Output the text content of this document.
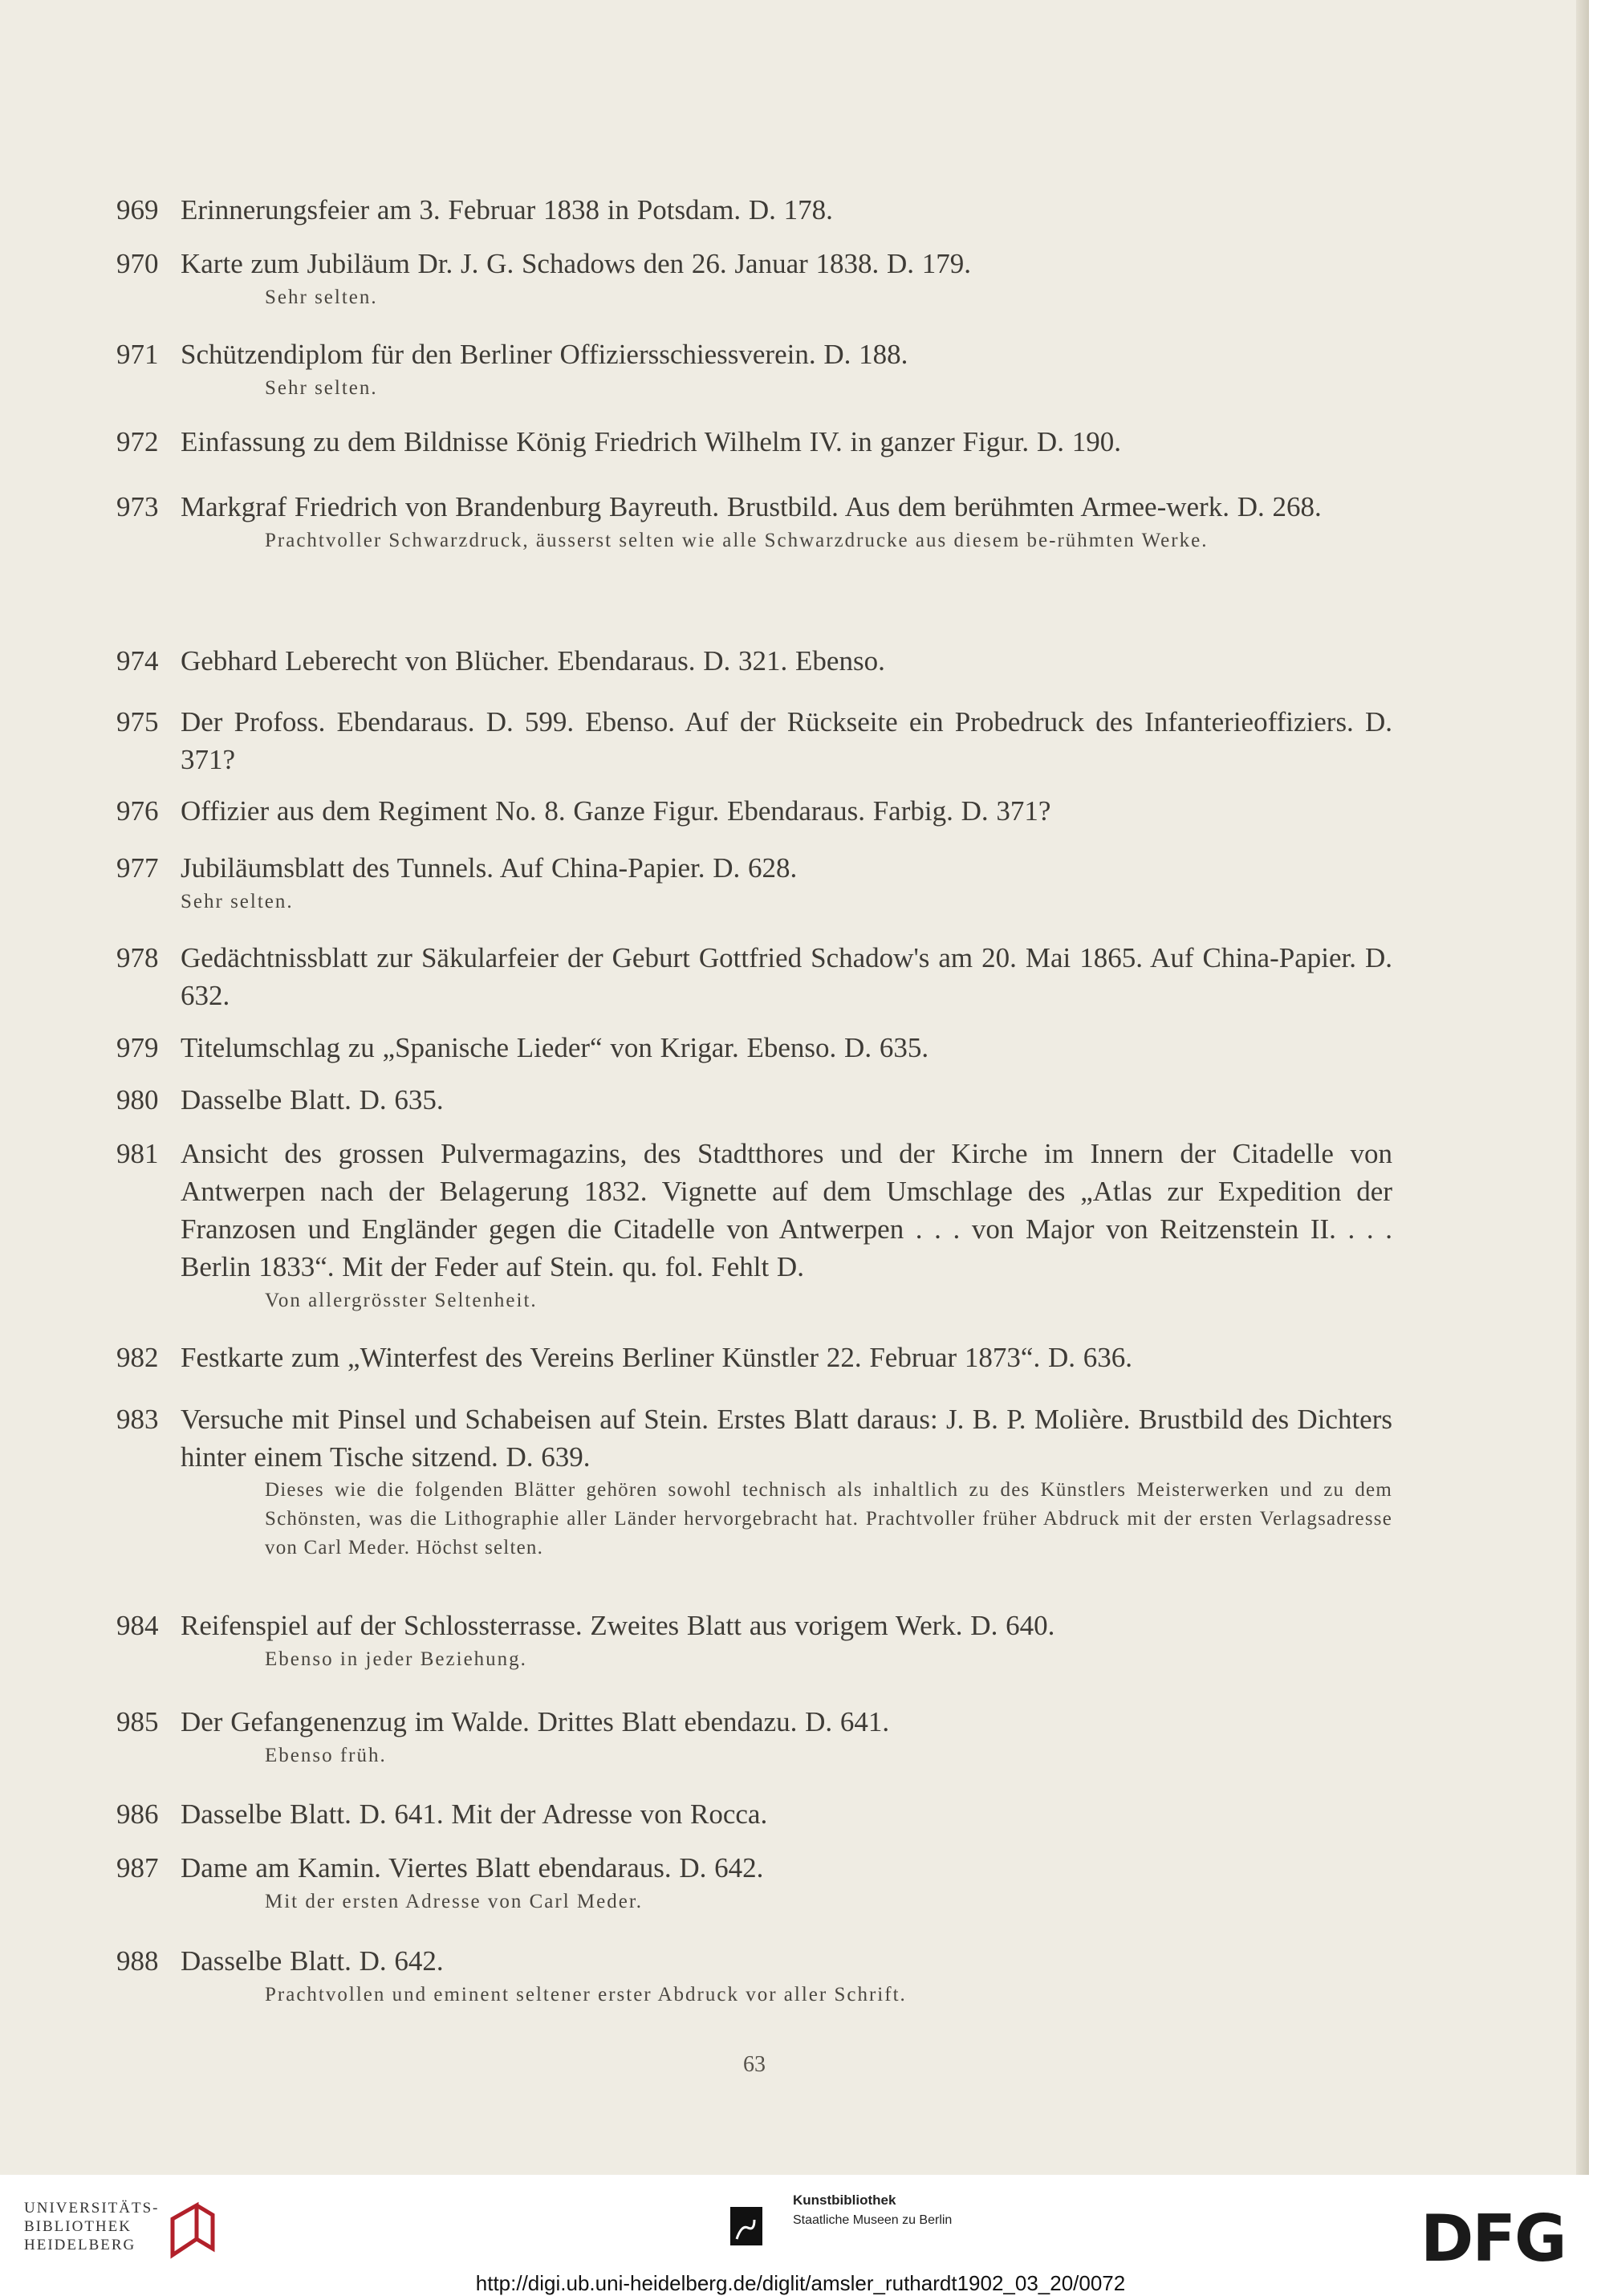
969 Erinnerungsfeier am 3. Februar 1838 in Potsdam. D. 178.
970 Karte zum Jubiläum Dr. J. G. Schadows den 26. Januar 1838. D. 179.
Sehr selten.
971 Schützendiplom für den Berliner Offiziersschiessverein. D. 188.
Sehr selten.
972 Einfassung zu dem Bildnisse König Friedrich Wilhelm IV. in ganzer Figur. D. 190.
973 Markgraf Friedrich von Brandenburg Bayreuth. Brustbild. Aus dem berühmten Armee-werk. D. 268.
Prachtvoller Schwarzdruck, äusserst selten wie alle Schwarzdrucke aus diesem be-rühmten Werke.
974 Gebhard Leberecht von Blücher. Ebendaraus. D. 321. Ebenso.
975 Der Profoss. Ebendaraus. D. 599. Ebenso. Auf der Rückseite ein Probedruck des Infanterieoffiziers. D. 371?
976 Offizier aus dem Regiment No. 8. Ganze Figur. Ebendaraus. Farbig. D. 371?
977 Jubiläumsblatt des Tunnels. Auf China-Papier. D. 628.
Sehr selten.
978 Gedächtnissblatt zur Säkularfeier der Geburt Gottfried Schadow's am 20. Mai 1865. Auf China-Papier. D. 632.
979 Titelumschlag zu „Spanische Lieder“ von Krigar. Ebenso. D. 635.
980 Dasselbe Blatt. D. 635.
981 Ansicht des grossen Pulvermagazins, des Stadtthores und der Kirche im Innern der Citadelle von Antwerpen nach der Belagerung 1832. Vignette auf dem Umschlage des „Atlas zur Expedition der Franzosen und Engländer gegen die Citadelle von Antwerpen . . . von Major von Reitzenstein II. . . . Berlin 1833“. Mit der Feder auf Stein. qu. fol. Fehlt D.
Von allergrösster Seltenheit.
982 Festkarte zum „Winterfest des Vereins Berliner Künstler 22. Februar 1873“. D. 636.
983 Versuche mit Pinsel und Schabeisen auf Stein. Erstes Blatt daraus: J. B. P. Molière. Brustbild des Dichters hinter einem Tische sitzend. D. 639.
Dieses wie die folgenden Blätter gehören sowohl technisch als inhaltlich zu des Künstlers Meisterwerken und zu dem Schönsten, was die Lithographie aller Länder hervorgebracht hat. Prachtvoller früher Abdruck mit der ersten Verlagsadresse von Carl Meder. Höchst selten.
984 Reifenspiel auf der Schlossterrasse. Zweites Blatt aus vorigem Werk. D. 640.
Ebenso in jeder Beziehung.
985 Der Gefangenenzug im Walde. Drittes Blatt ebendazu. D. 641.
Ebenso früh.
986 Dasselbe Blatt. D. 641. Mit der Adresse von Rocca.
987 Dame am Kamin. Viertes Blatt ebendaraus. D. 642.
Mit der ersten Adresse von Carl Meder.
988 Dasselbe Blatt. D. 642.
Prachtvollen und eminent seltener erster Abdruck vor aller Schrift.
63
UNIVERSITÄTS-
BIBLIOTHEK
HEIDELBERG
Kunstbibliothek
Staatliche Museen zu Berlin	DFG
http://digi.ub.uni-heidelberg.de/diglit/amsler_ruthardt1902_03_20/0072
